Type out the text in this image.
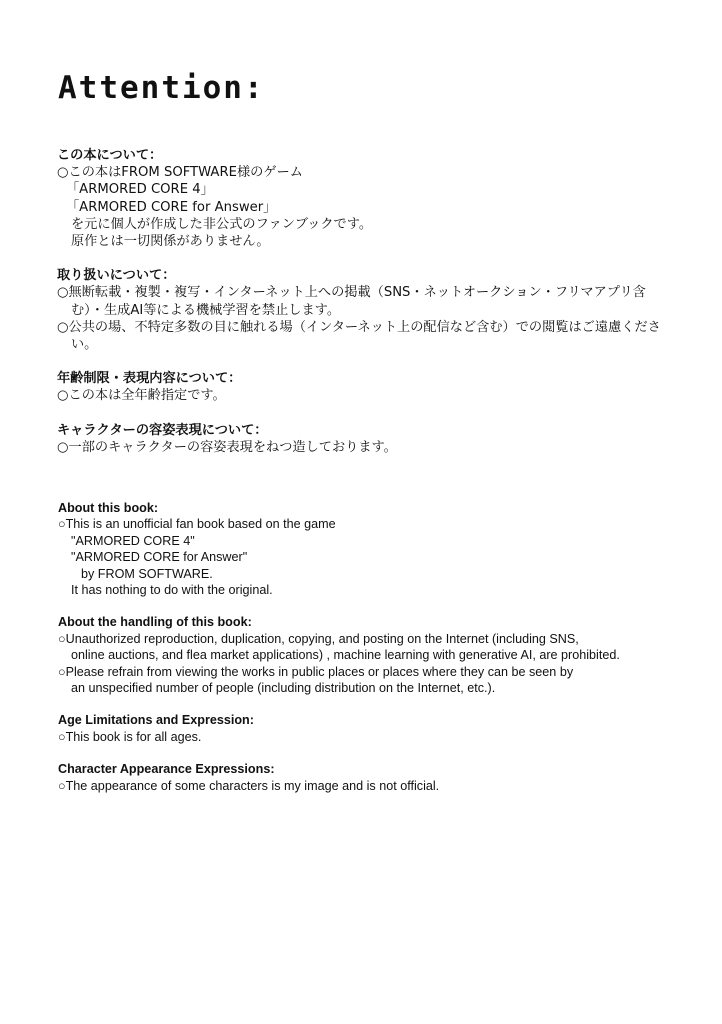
Attention:

この本について：

○この本はFROM SOFTWARE様のゲーム
「ARMORED CORE 4」
「ARMORED CORE for Answer」
を元に個人が作成した非公式のファンブックです。
原作とは一切関係がありません。

取り扱いについて：

○無断転載・複製・複写・インターネット上への掲載（SNS・ネットオークション・フリマアプリ含む）・生成AI等による機械学習を禁止します。

○公共の場、不特定多数の目に触れる場（インターネット上の配信など含む）での閲覧はご遠慮ください。

年齢制限・表現内容について：

○この本は全年齢指定です。

キャラクターの容姿表現について：

○一部のキャラクターの容姿表現をねつ造しております。

About this book:

○This is an unofficial fan book based on the game
"ARMORED CORE 4"
"ARMORED CORE for Answer"
by FROM SOFTWARE.
It has nothing to do with the original.

About the handling of this book:

○Unauthorized reproduction, duplication, copying, and posting on the Internet (including SNS,
online auctions, and flea market applications) , machine learning with generative AI, are prohibited.
○Please refrain from viewing the works in public places or places where they can be seen by
an unspecified number of people (including distribution on the Internet, etc.).

Age Limitations and Expression:

○This book is for all ages.

Character Appearance Expressions:

○The appearance of some characters is my image and is not official.
